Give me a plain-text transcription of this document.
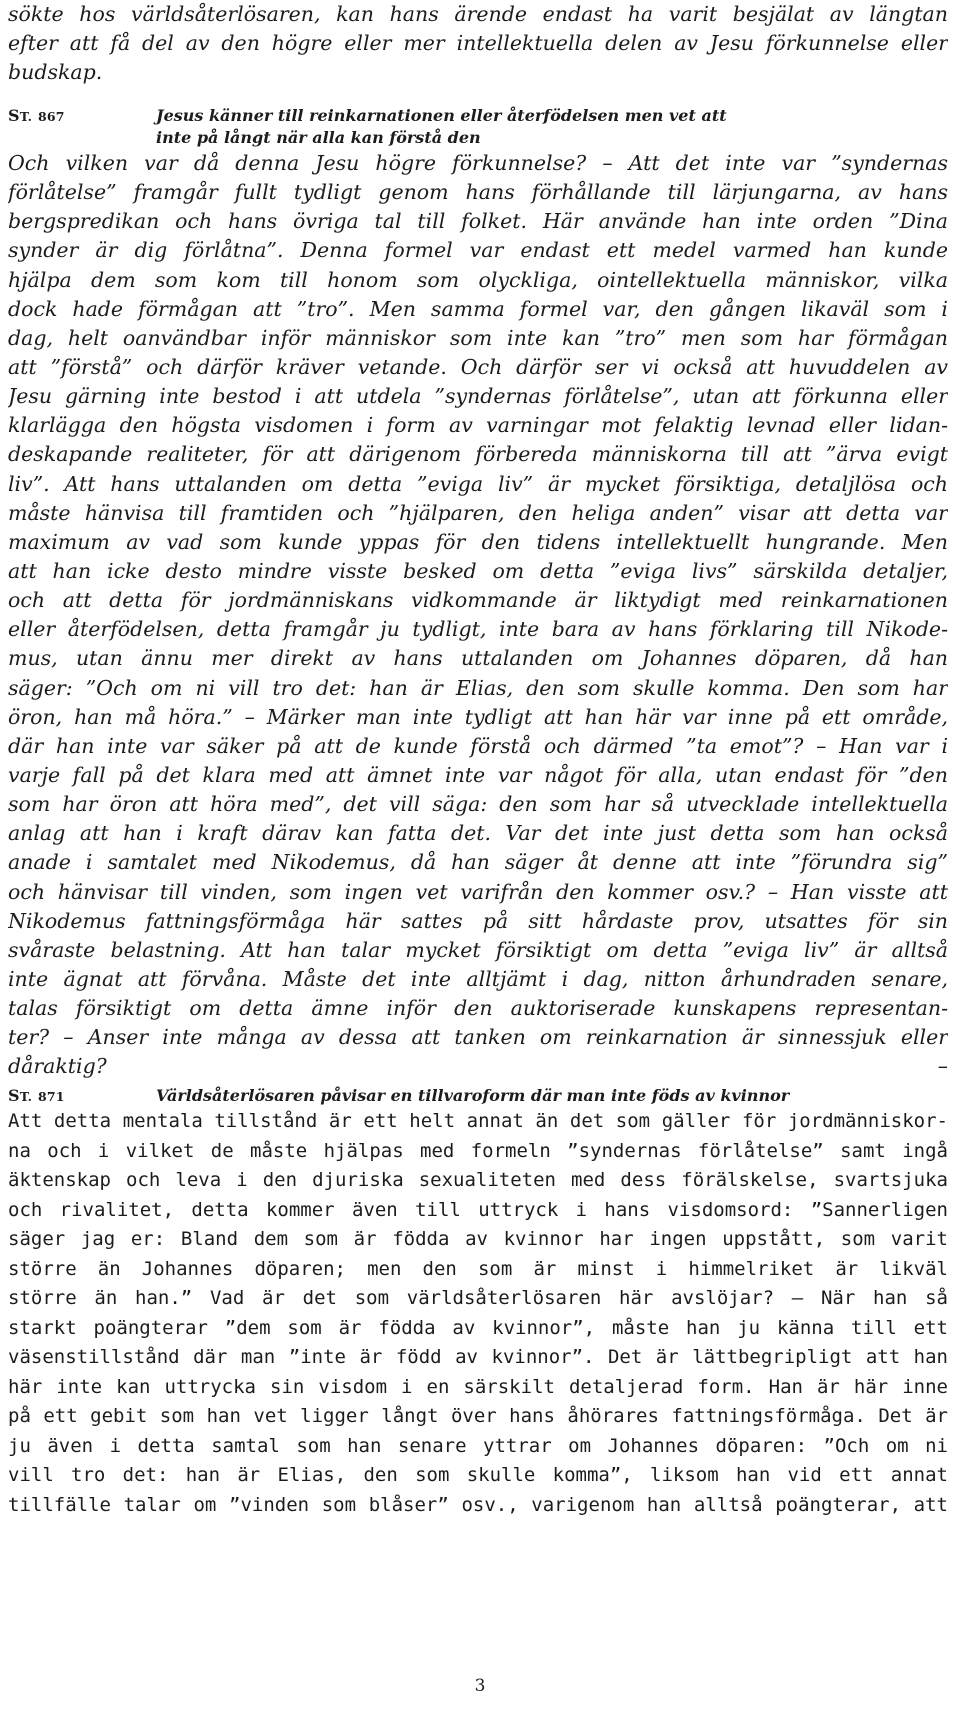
sökte hos världsåterlösaren, kan hans ärende endast ha varit besjälat av längtan
efter att få del av den högre eller mer intellektuella delen av Jesu förkunnelse eller
budskap.
ST. 867	Jesus känner till reinkarnationen eller återfödelsen men vet att
inte på långt när alla kan förstå den
Och vilken var då denna Jesu högre förkunnelse? – Att det inte var ”syndernas
förlåtelse” framgår fullt tydligt genom hans förhållande till lärjungarna, av hans
bergspredikan och hans övriga tal till folket. Här använde han inte orden ”Dina
synder är dig förlåtna”. Denna formel var endast ett medel varmed han kunde
hjälpa dem som kom till honom som olyckliga, ointellektuella människor, vilka
dock hade förmågan att ”tro”. Men samma formel var, den gången likaväl som i
dag, helt oanvändbar inför människor som inte kan ”tro” men som har förmågan
att ”förstå” och därför kräver vetande. Och därför ser vi också att huvuddelen av
Jesu gärning inte bestod i att utdela ”syndernas förlåtelse”, utan att förkunna eller
klarlägga den högsta visdomen i form av varningar mot felaktig levnad eller lidan-
deskapande realiteter, för att därigenom förbereda människorna till att ”ärva evigt
liv”. Att hans uttalanden om detta ”eviga liv” är mycket försiktiga, detaljlösa och
måste hänvisa till framtiden och ”hjälparen, den heliga anden” visar att detta var
maximum av vad som kunde yppas för den tidens intellektuellt hungrande. Men
att han icke desto mindre visste besked om detta ”eviga livs” särskilda detaljer,
och att detta för jordmänniskans vidkommande är liktydigt med reinkarnationen
eller återfödelsen, detta framgår ju tydligt, inte bara av hans förklaring till Nikode-
mus, utan ännu mer direkt av hans uttalanden om Johannes döparen, då han
säger: ”Och om ni vill tro det: han är Elias, den som skulle komma. Den som har
öron, han må höra.” – Märker man inte tydligt att han här var inne på ett område,
där han inte var säker på att de kunde förstå och därmed ”ta emot”? – Han var i
varje fall på det klara med att ämnet inte var något för alla, utan endast för ”den
som har öron att höra med”, det vill säga: den som har så utvecklade intellektuella
anlag att han i kraft därav kan fatta det. Var det inte just detta som han också
anade i samtalet med Nikodemus, då han säger åt denne att inte ”förundra sig”
och hänvisar till vinden, som ingen vet varifrån den kommer osv.? – Han visste att
Nikodemus fattningsförmåga här sattes på sitt hårdaste prov, utsattes för sin
svåraste belastning. Att han talar mycket försiktigt om detta ”eviga liv” är alltså
inte ägnat att förvåna. Måste det inte alltjämt i dag, nitton århundraden senare,
talas försiktigt om detta ämne inför den auktoriserade kunskapens representan-
ter? – Anser inte många av dessa att tanken om reinkarnation är sinnessjuk eller
dåraktig? –
ST. 871	Världsåterlösaren påvisar en tillvaroform där man inte föds av kvinnor
Att detta mentala tillstånd är ett helt annat än det som gäller för jordmänniskor-
na och i vilket de måste hjälpas med formeln ”syndernas förlåtelse” samt ingå
äktenskap och leva i den djuriska sexualiteten med dess förälskelse, svartsjuka
och rivalitet, detta kommer även till uttryck i hans visdomsord: ”Sannerligen
säger jag er: Bland dem som är födda av kvinnor har ingen uppstått, som varit
större än Johannes döparen; men den som är minst i himmelriket är likväl
större än han.” Vad är det som världsåterlösaren här avslöjar? – När han så
starkt poängterar ”dem som är födda av kvinnor”, måste han ju känna till ett
väsenstillstånd där man ”inte är född av kvinnor”. Det är lättbegripligt att han
här inte kan uttrycka sin visdom i en särskilt detaljerad form. Han är här inne
på ett gebit som han vet ligger långt över hans åhörares fattningsförmåga. Det är
ju även i detta samtal som han senare yttrar om Johannes döparen: ”Och om ni
vill tro det: han är Elias, den som skulle komma”, liksom han vid ett annat
tillfälle talar om ”vinden som blåser” osv., varigenom han alltså poängterar, att
3
